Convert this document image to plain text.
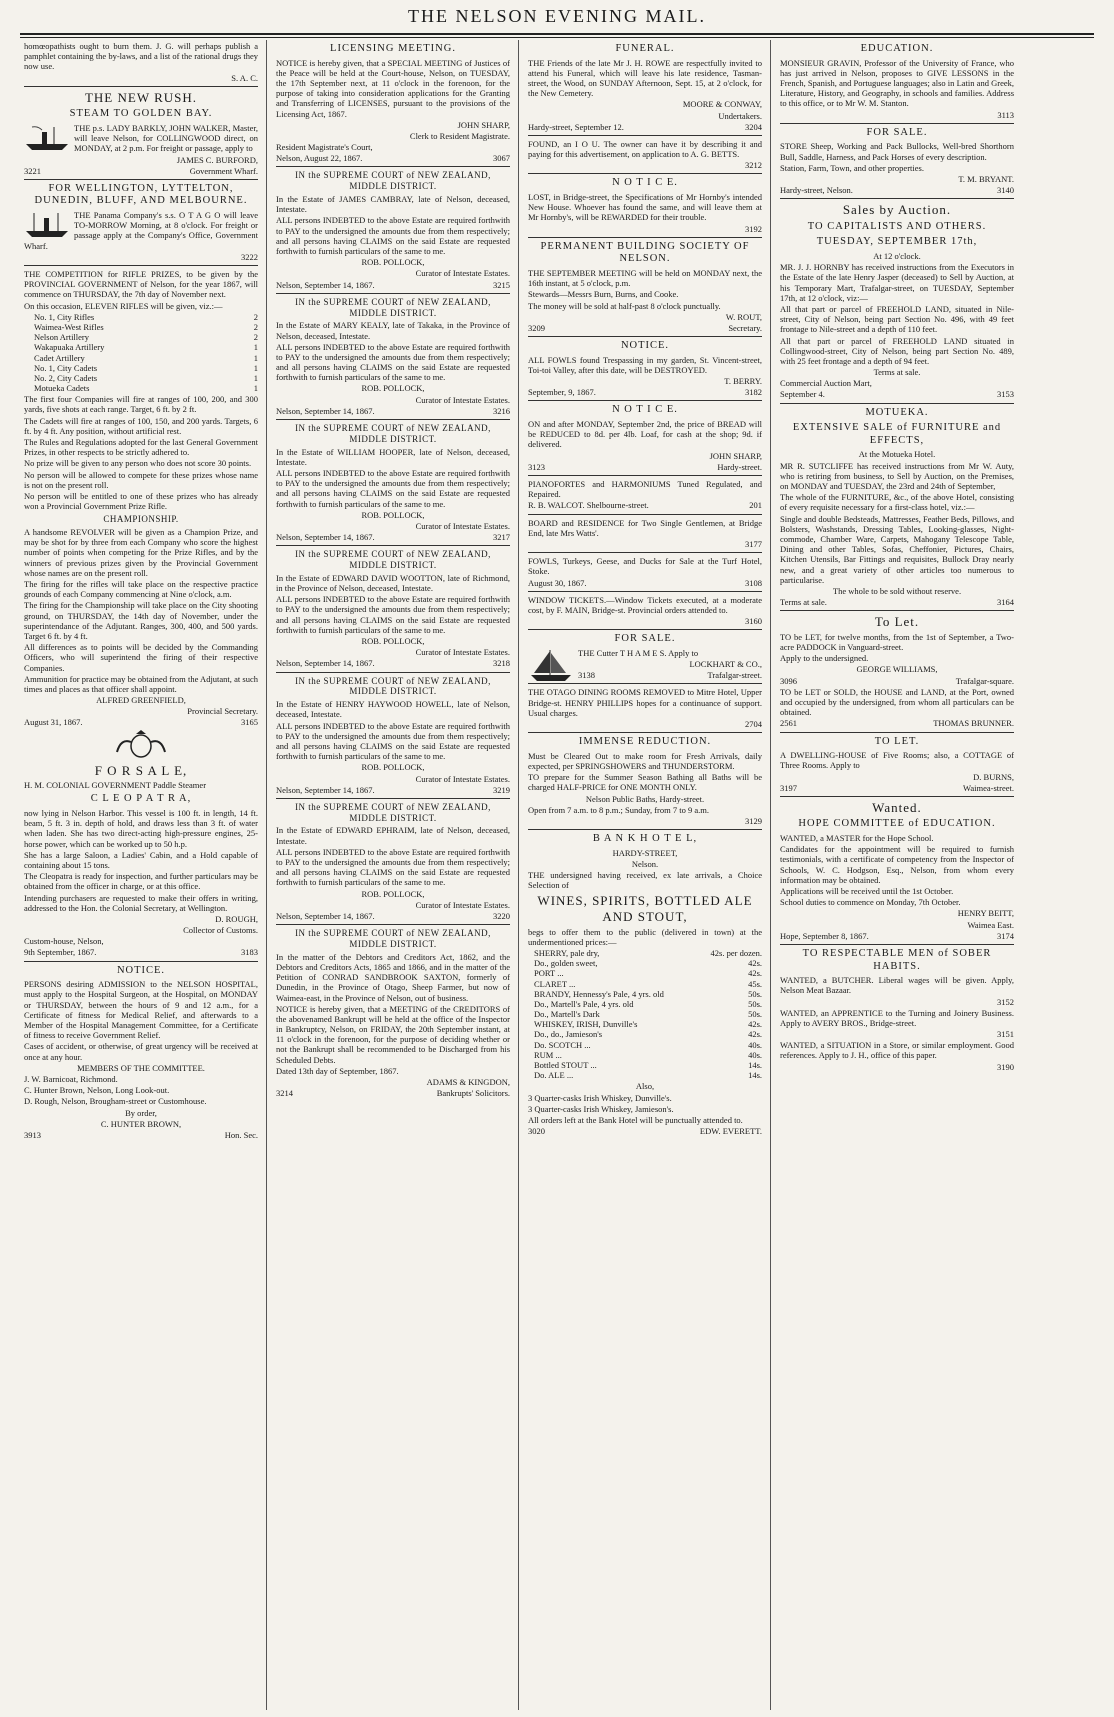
THE NELSON EVENING MAIL.

homœopathists ought to burn them. J. G. will perhaps publish a pamphlet containing the by-laws, and a list of the rational drugs they now use.

S. A. C.

THE NEW RUSH.
STEAM TO GOLDEN BAY.

THE p.s. LADY BARKLY, JOHN WALKER, Master, will leave Nelson, for COLLINGWOOD direct, on MONDAY, at 2 p.m. For freight or passage, apply to

JAMES C. BURFORD,

3221	Government Wharf.
FOR WELLINGTON, LYTTELTON, DUNEDIN, BLUFF, AND MELBOURNE.

THE Panama Company's s.s. O T A G O will leave TO-MORROW Morning, at 8 o'clock. For freight or passage apply at the Company's Office, Government Wharf.

3222

THE COMPETITION for RIFLE PRIZES, to be given by the PROVINCIAL GOVERNMENT of Nelson, for the year 1867, will commence on THURSDAY, the 7th day of November next.

On this occasion, ELEVEN RIFLES will be given, viz.:—

No. 1, City Rifles	2
Waimea-West Rifles	2
Nelson Artillery	2
Wakapuaka Artillery	1
Cadet Artillery	1
No. 1, City Cadets	1
No. 2, City Cadets	1
Motueka Cadets	1

The first four Companies will fire at ranges of 100, 200, and 300 yards, five shots at each range. Target, 6 ft. by 2 ft.

The Cadets will fire at ranges of 100, 150, and 200 yards. Targets, 6 ft. by 4 ft. Any position, without artificial rest.

The Rules and Regulations adopted for the last General Government Prizes, in other respects to be strictly adhered to.

No prize will be given to any person who does not score 30 points.

No person will be allowed to compete for these prizes whose name is not on the present roll.

No person will be entitled to one of these prizes who has already won a Provincial Government Prize Rifle.

CHAMPIONSHIP.

A handsome REVOLVER will be given as a Champion Prize, and may be shot for by three from each Company who score the highest number of points when competing for the Prize Rifles, and by the winners of previous prizes given by the Provincial Government whose names are on the present roll.

The firing for the rifles will take place on the respective practice grounds of each Company commencing at Nine o'clock, a.m.

The firing for the Championship will take place on the City shooting ground, on THURSDAY, the 14th day of November, under the superintendance of the Adjutant. Ranges, 300, 400, and 500 yards. Target 6 ft. by 4 ft.

All differences as to points will be decided by the Commanding Officers, who will superintend the firing of their respective Companies.

Ammunition for practice may be obtained from the Adjutant, at such times and places as that officer shall appoint.

ALFRED GREENFIELD,

Provincial Secretary.

August 31, 1867.	3165
F O R S A L E,

H. M. COLONIAL GOVERNMENT Paddle Steamer

C L E O P A T R A,

now lying in Nelson Harbor. This vessel is 100 ft. in length, 14 ft. beam, 5 ft. 3 in. depth of hold, and draws less than 3 ft. of water when laden. She has two direct-acting high-pressure engines, 25-horse power, which can be worked up to 50 h.p.

She has a large Saloon, a Ladies' Cabin, and a Hold capable of containing about 15 tons.

The Cleopatra is ready for inspection, and further particulars may be obtained from the officer in charge, or at this office.

Intending purchasers are requested to make their offers in writing, addressed to the Hon. the Colonial Secretary, at Wellington.

D. ROUGH,

Collector of Customs.

Custom-house, Nelson,

9th September, 1867.	3183
NOTICE.

PERSONS desiring ADMISSION to the NELSON HOSPITAL, must apply to the Hospital Surgeon, at the Hospital, on MONDAY or THURSDAY, between the hours of 9 and 12 a.m., for a Certificate of fitness for Medical Relief, and afterwards to a Member of the Hospital Management Committee, for a Certificate of fitness to receive Government Relief.

Cases of accident, or otherwise, of great urgency will be received at once at any hour.

MEMBERS OF THE COMMITTEE.

J. W. Barnicoat, Richmond.

C. Hunter Brown, Nelson, Long Look-out.

D. Rough, Nelson, Brougham-street or Customhouse.

By order,

C. HUNTER BROWN,

3913	Hon. Sec.
LICENSING MEETING.

NOTICE is hereby given, that a SPECIAL MEETING of Justices of the Peace will be held at the Court-house, Nelson, on TUESDAY, the 17th September next, at 11 o'clock in the forenoon, for the purpose of taking into consideration applications for the Granting and Transferring of LICENSES, pursuant to the provisions of the Licensing Act, 1867.

JOHN SHARP,

Clerk to Resident Magistrate.

Resident Magistrate's Court,

Nelson, August 22, 1867.	3067
IN the SUPREME COURT of NEW ZEALAND, MIDDLE DISTRICT.

In the Estate of JAMES CAMBRAY, late of Nelson, deceased, Intestate.

ALL persons INDEBTED to the above Estate are required forthwith to PAY to the undersigned the amounts due from them respectively; and all persons having CLAIMS on the said Estate are requested forthwith to furnish particulars of the same to me.

ROB. POLLOCK,

Curator of Intestate Estates.

Nelson, September 14, 1867.	3215
IN the SUPREME COURT of NEW ZEALAND, MIDDLE DISTRICT.

In the Estate of MARY KEALY, late of Takaka, in the Province of Nelson, deceased, Intestate.

ALL persons INDEBTED to the above Estate are required forthwith to PAY to the undersigned the amounts due from them respectively; and all persons having CLAIMS on the said Estate are requested forthwith to furnish particulars of the same to me.

ROB. POLLOCK,

Curator of Intestate Estates.

Nelson, September 14, 1867.	3216
IN the SUPREME COURT of NEW ZEALAND, MIDDLE DISTRICT.

In the Estate of WILLIAM HOOPER, late of Nelson, deceased, Intestate.

ALL persons INDEBTED to the above Estate are required forthwith to PAY to the undersigned the amounts due from them respectively; and all persons having CLAIMS on the said Estate are requested forthwith to furnish particulars of the same to me.

ROB. POLLOCK,

Curator of Intestate Estates.

Nelson, September 14, 1867.	3217
IN the SUPREME COURT of NEW ZEALAND, MIDDLE DISTRICT.

In the Estate of EDWARD DAVID WOOTTON, late of Richmond, in the Province of Nelson, deceased, Intestate.

ALL persons INDEBTED to the above Estate are required forthwith to PAY to the undersigned the amounts due from them respectively; and all persons having CLAIMS on the said Estate are requested forthwith to furnish particulars of the same to me.

ROB. POLLOCK,

Curator of Intestate Estates.

Nelson, September 14, 1867.	3218
IN the SUPREME COURT of NEW ZEALAND, MIDDLE DISTRICT.

In the Estate of HENRY HAYWOOD HOWELL, late of Nelson, deceased, Intestate.

ALL persons INDEBTED to the above Estate are required forthwith to PAY to the undersigned the amounts due from them respectively; and all persons having CLAIMS on the said Estate are requested forthwith to furnish particulars of the same to me.

ROB. POLLOCK,

Curator of Intestate Estates.

Nelson, September 14, 1867.	3219
IN the SUPREME COURT of NEW ZEALAND, MIDDLE DISTRICT.

In the Estate of EDWARD EPHRAIM, late of Nelson, deceased, Intestate.

ALL persons INDEBTED to the above Estate are required forthwith to PAY to the undersigned the amounts due from them respectively; and all persons having CLAIMS on the said Estate are requested forthwith to furnish particulars of the same to me.

ROB. POLLOCK,

Curator of Intestate Estates.

Nelson, September 14, 1867.	3220
IN the SUPREME COURT of NEW ZEALAND, MIDDLE DISTRICT.

In the matter of the Debtors and Creditors Act, 1862, and the Debtors and Creditors Acts, 1865 and 1866, and in the matter of the Petition of CONRAD SANDBROOK SAXTON, formerly of Dunedin, in the Province of Otago, Sheep Farmer, but now of Waimea-east, in the Province of Nelson, out of business.

NOTICE is hereby given, that a MEETING of the CREDITORS of the abovenamed Bankrupt will be held at the office of the Inspector in Bankruptcy, Nelson, on FRIDAY, the 20th September instant, at 11 o'clock in the forenoon, for the purpose of deciding whether or not the Bankrupt shall be recommended to be Discharged from his Scheduled Debts.

Dated 13th day of September, 1867.

ADAMS & KINGDON,

3214	Bankrupts' Solicitors.
FUNERAL.

THE Friends of the late Mr J. H. ROWE are respectfully invited to attend his Funeral, which will leave his late residence, Tasman-street, the Wood, on SUNDAY Afternoon, Sept. 15, at 2 o'clock, for the New Cemetery.

MOORE & CONWAY,

Undertakers.

Hardy-street, September 12.	3204

FOUND, an I O U. The owner can have it by describing it and paying for this advertisement, on application to A. G. BETTS.

3212

N O T I C E.

LOST, in Bridge-street, the Specifications of Mr Hornby's intended New House. Whoever has found the same, and will leave them at Mr Hornby's, will be REWARDED for their trouble.

3192

PERMANENT BUILDING SOCIETY OF NELSON.

THE SEPTEMBER MEETING will be held on MONDAY next, the 16th instant, at 5 o'clock, p.m.

Stewards—Messrs Burn, Burns, and Cooke.

The money will be sold at half-past 8 o'clock punctually.

W. ROUT,

3209	Secretary.
NOTICE.

ALL FOWLS found Trespassing in my garden, St. Vincent-street, Toi-toi Valley, after this date, will be DESTROYED.

T. BERRY.

September, 9, 1867.	3182
N O T I C E.

ON and after MONDAY, September 2nd, the price of BREAD will be REDUCED to 8d. per 4lb. Loaf, for cash at the shop; 9d. if delivered.

JOHN SHARP,

3123	Hardy-street.

PIANOFORTES and HARMONIUMS Tuned Regulated, and Repaired.

R. B. WALCOT. Shelbourne-street.	201

BOARD and RESIDENCE for Two Single Gentlemen, at Bridge End, late Mrs Watts'.

3177

FOWLS, Turkeys, Geese, and Ducks for Sale at the Turf Hotel, Stoke.

August 30, 1867.	3108

WINDOW TICKETS.—Window Tickets executed, at a moderate cost, by F. MAIN, Bridge-st. Provincial orders attended to.

3160

FOR SALE.

THE Cutter T H A M E S. Apply to

LOCKHART & CO.,

3138	Trafalgar-street.

THE OTAGO DINING ROOMS REMOVED to Mitre Hotel, Upper Bridge-st. HENRY PHILLIPS hopes for a continuance of support. Usual charges.

2704

IMMENSE REDUCTION.

Must be Cleared Out to make room for Fresh Arrivals, daily expected, per SPRINGSHOWERS and THUNDERSTORM.

TO prepare for the Summer Season Bathing all Baths will be charged HALF-PRICE for ONE MONTH ONLY.

Nelson Public Baths, Hardy-street.

Open from 7 a.m. to 8 p.m.; Sunday, from 7 to 9 a.m.

3129

B A N K H O T E L,
HARDY-STREET,
Nelson.

THE undersigned having received, ex late arrivals, a Choice Selection of

WINES, SPIRITS, BOTTLED ALE AND STOUT,

begs to offer them to the public (delivered in town) at the undermentioned prices:—

SHERRY, pale dry,	42s. per dozen.
Do., golden sweet,	42s.
PORT ...	42s.
CLARET ...	45s.
BRANDY, Hennessy's Pale, 4 yrs. old	50s.
Do., Martell's Pale, 4 yrs. old	50s.
Do., Martell's Dark	50s.
WHISKEY, IRISH, Dunville's	42s.
Do., do., Jamieson's	42s.
Do. SCOTCH ...	40s.
RUM ...	40s.
Bottled STOUT ...	14s.
Do. ALE ...	14s.

Also,

3 Quarter-casks Irish Whiskey, Dunville's.

3 Quarter-casks Irish Whiskey, Jamieson's.

All orders left at the Bank Hotel will be punctually attended to.

3020	EDW. EVERETT.
EDUCATION.

MONSIEUR GRAVIN, Professor of the University of France, who has just arrived in Nelson, proposes to GIVE LESSONS in the French, Spanish, and Portuguese languages; also in Latin and Greek, Literature, History, and Geography, in schools and families. Address to this office, or to Mr W. M. Stanton.

3113

FOR SALE.

STORE Sheep, Working and Pack Bullocks, Well-bred Shorthorn Bull, Saddle, Harness, and Pack Horses of every description.

Station, Farm, Town, and other properties.

T. M. BRYANT.

Hardy-street, Nelson.	3140
Sales by Auction.
TO CAPITALISTS AND OTHERS.
TUESDAY, SEPTEMBER 17th,
At 12 o'clock.

MR. J. J. HORNBY has received instructions from the Executors in the Estate of the late Henry Jasper (deceased) to Sell by Auction, at his Temporary Mart, Trafalgar-street, on TUESDAY, September 17th, at 12 o'clock, viz:—

All that part or parcel of FREEHOLD LAND, situated in Nile-street, City of Nelson, being part Section No. 496, with 49 feet frontage to Nile-street and a depth of 110 feet.

All that part or parcel of FREEHOLD LAND situated in Collingwood-street, City of Nelson, being part Section No. 489, with 25 feet frontage and a depth of 94 feet.

Terms at sale.

Commercial Auction Mart,

September 4.	3153
MOTUEKA.
EXTENSIVE SALE of FURNITURE and EFFECTS,
At the Motueka Hotel.

MR R. SUTCLIFFE has received instructions from Mr W. Auty, who is retiring from business, to Sell by Auction, on the Premises, on MONDAY and TUESDAY, the 23rd and 24th of September,

The whole of the FURNITURE, &c., of the above Hotel, consisting of every requisite necessary for a first-class hotel, viz.:—

Single and double Bedsteads, Mattresses, Feather Beds, Pillows, and Bolsters, Washstands, Dressing Tables, Looking-glasses, Night-commode, Chamber Ware, Carpets, Mahogany Telescope Table, Dining and other Tables, Sofas, Cheffonier, Pictures, Chairs, Kitchen Utensils, Bar Fittings and requisites, Bullock Dray nearly new, and a great variety of other articles too numerous to particularise.

The whole to be sold without reserve.

Terms at sale.	3164
To Let.

TO be LET, for twelve months, from the 1st of September, a Two-acre PADDOCK in Vanguard-street.

Apply to the undersigned.

GEORGE WILLIAMS,

3096	Trafalgar-square.

TO be LET or SOLD, the HOUSE and LAND, at the Port, owned and occupied by the undersigned, from whom all particulars can be obtained.

2561	THOMAS BRUNNER.
TO LET.

A DWELLING-HOUSE of Five Rooms; also, a COTTAGE of Three Rooms. Apply to

D. BURNS,

3197	Waimea-street.
Wanted.
HOPE COMMITTEE of EDUCATION.

WANTED, a MASTER for the Hope School.

Candidates for the appointment will be required to furnish testimonials, with a certificate of competency from the Inspector of Schools, W. C. Hodgson, Esq., Nelson, from whom every information may be obtained.

Applications will be received until the 1st October.

School duties to commence on Monday, 7th October.

HENRY BEITT,

Waimea East.

Hope, September 8, 1867.	3174
TO RESPECTABLE MEN of SOBER HABITS.

WANTED, a BUTCHER. Liberal wages will be given. Apply, Nelson Meat Bazaar.

3152

WANTED, an APPRENTICE to the Turning and Joinery Business. Apply to AVERY BROS., Bridge-street.

3151

WANTED, a SITUATION in a Store, or similar employment. Good references. Apply to J. H., office of this paper.

3190
